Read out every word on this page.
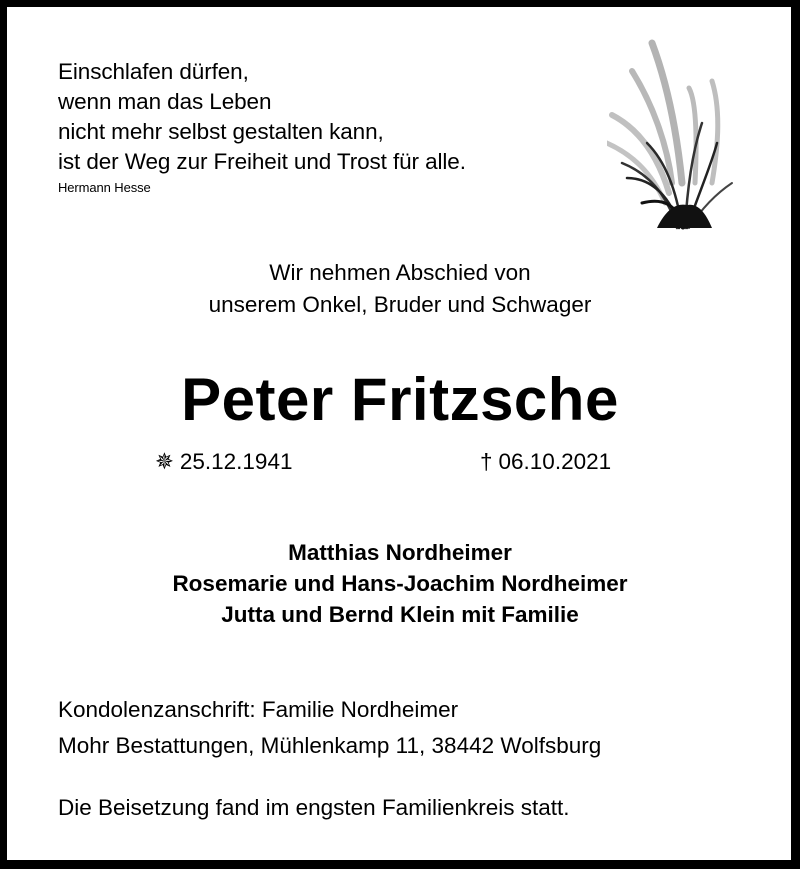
Einschlafen dürfen,
wenn man das Leben
nicht mehr selbst gestalten kann,
ist der Weg zur Freiheit und Trost für alle.
Hermann Hesse
Wir nehmen Abschied von
unserem Onkel, Bruder und Schwager
Peter Fritzsche
✵ 25.12.1941	† 06.10.2021
Matthias Nordheimer
Rosemarie und Hans-Joachim Nordheimer
Jutta und Bernd Klein mit Familie
Kondolenzanschrift: Familie Nordheimer
Mohr Bestattungen, Mühlenkamp 11, 38442 Wolfsburg
Die Beisetzung fand im engsten Familienkreis statt.
